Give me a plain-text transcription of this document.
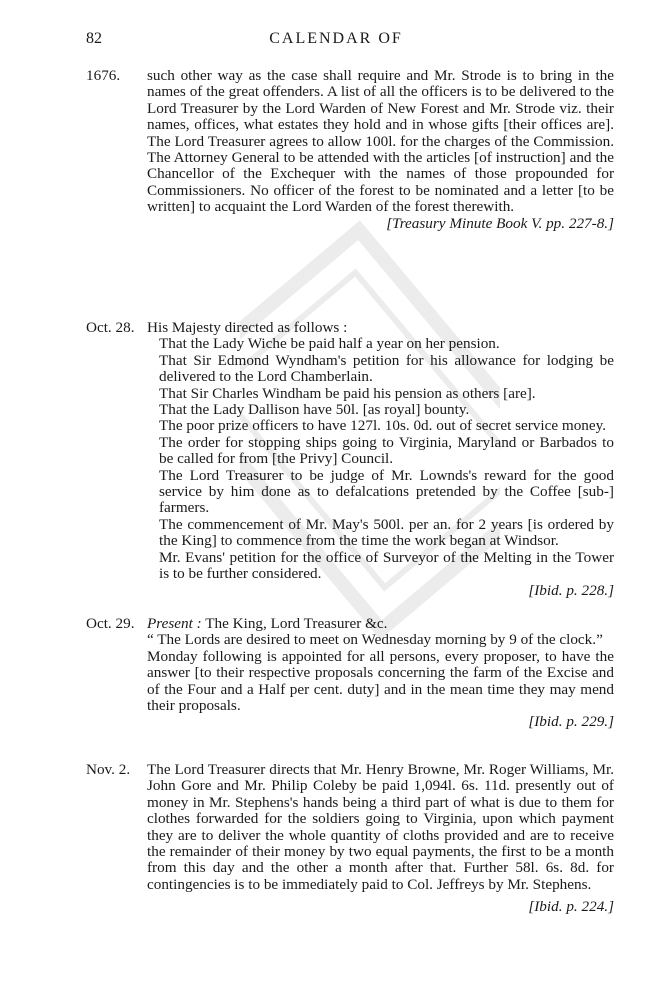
82	CALENDAR OF
1676.	such other way as the case shall require and Mr. Strode is to bring in the names of the great offenders. A list of all the officers is to be delivered to the Lord Treasurer by the Lord Warden of New Forest and Mr. Strode viz. their names, offices, what estates they hold and in whose gifts [their offices are]. The Lord Treasurer agrees to allow 100l. for the charges of the Commission. The Attorney General to be attended with the articles [of instruction] and the Chancellor of the Exchequer with the names of those propounded for Commissioners. No officer of the forest to be nominated and a letter [to be written] to acquaint the Lord Warden of the forest therewith.

[Treasury Minute Book V. pp. 227-8.]

Oct. 28. His Majesty directed as follows :

That the Lady Wiche be paid half a year on her pension.

That Sir Edmond Wyndham's petition for his allowance for lodging be delivered to the Lord Chamberlain.

That Sir Charles Windham be paid his pension as others [are].

That the Lady Dallison have 50l. [as royal] bounty.

The poor prize officers to have 127l. 10s. 0d. out of secret service money.

The order for stopping ships going to Virginia, Maryland or Barbados to be called for from [the Privy] Council.

The Lord Treasurer to be judge of Mr. Lownds's reward for the good service by him done as to defalcations pretended by the Coffee [sub-] farmers.

The commencement of Mr. May's 500l. per an. for 2 years [is ordered by the King] to commence from the time the work began at Windsor.

Mr. Evans' petition for the office of Surveyor of the Melting in the Tower is to be further considered.

[Ibid. p. 228.]

Oct. 29. Present : The King, Lord Treasurer &c.

“ The Lords are desired to meet on Wednesday morning by 9 of the clock.”

Monday following is appointed for all persons, every proposer, to have the answer [to their respective proposals concerning the farm of the Excise and of the Four and a Half per cent. duty] and in the mean time they may mend their proposals.

[Ibid. p. 229.]

Nov. 2.	The Lord Treasurer directs that Mr. Henry Browne, Mr. Roger Williams, Mr. John Gore and Mr. Philip Coleby be paid 1,094l. 6s. 11d. presently out of money in Mr. Stephens's hands being a third part of what is due to them for clothes forwarded for the soldiers going to Virginia, upon which payment they are to deliver the whole quantity of cloths provided and are to receive the remainder of their money by two equal payments, the first to be a month from this day and the other a month after that. Further 58l. 6s. 8d. for contingencies is to be immediately paid to Col. Jeffreys by Mr. Stephens.

[Ibid. p. 224.]
